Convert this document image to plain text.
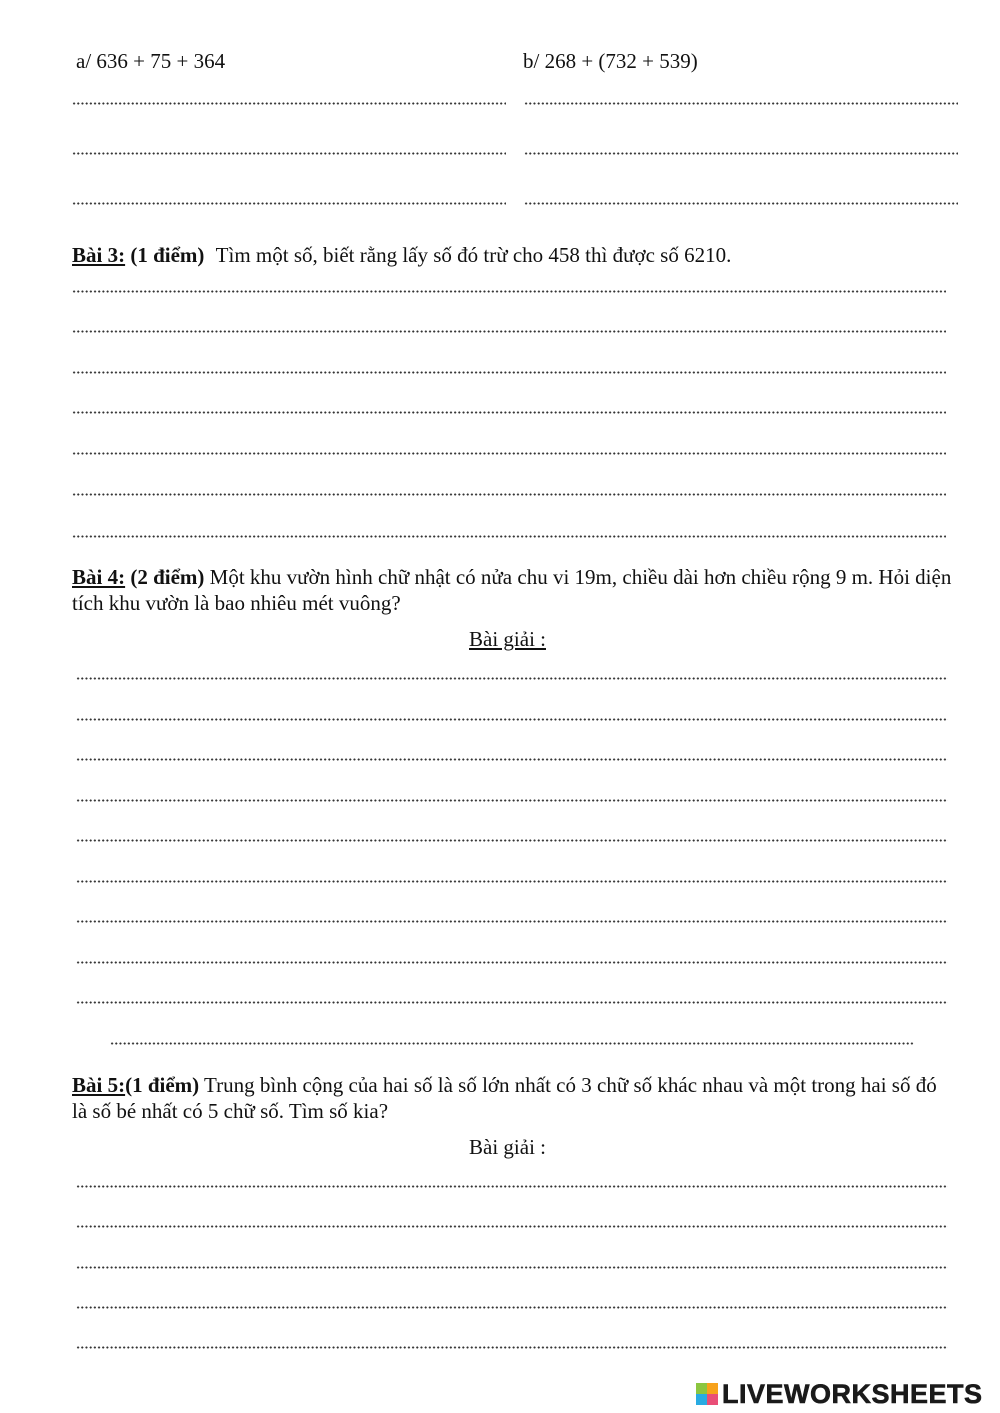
a/ 636 + 75 + 364	b/ 268 + (732 + 539)
Bài 3: (1 điểm) Tìm một số, biết rằng lấy số đó trừ cho 458 thì được số 6210.
Bài 4: (2 điểm) Một khu vườn hình chữ nhật có nửa chu vi 19m, chiều dài hơn chiều rộng 9 m. Hỏi diện tích khu vườn là bao nhiêu mét vuông?
Bài giải :
Bài 5:(1 điểm) Trung bình cộng của hai số là số lớn nhất có 3 chữ số khác nhau và một trong hai số đó là số bé nhất có 5 chữ số. Tìm số kia?
Bài giải :
LIVEWORKSHEETS
